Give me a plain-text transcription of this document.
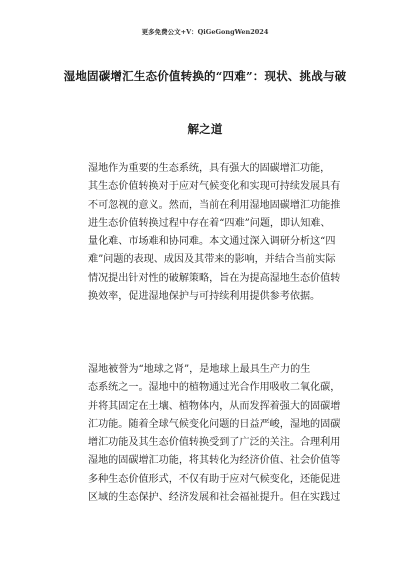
更多免费公文+V：QiGeGongWen2024
湿地固碳增汇生态价值转换的“四难”：现状、挑战与破
解之道
湿地作为重要的生态系统，具有强大的固碳增汇功能，
其生态价值转换对于应对气候变化和实现可持续发展具有
不可忽视的意义。然而，当前在利用湿地固碳增汇功能推
进生态价值转换过程中存在着“四难”问题，即认知难、
量化难、市场难和协同难。本文通过深入调研分析这“四
难”问题的表现、成因及其带来的影响，并结合当前实际
情况提出针对性的破解策略，旨在为提高湿地生态价值转
换效率，促进湿地保护与可持续利用提供参考依据。
湿地被誉为“地球之肾”，是地球上最具生产力的生
态系统之一。湿地中的植物通过光合作用吸收二氧化碳，
并将其固定在土壤、植物体内，从而发挥着强大的固碳增
汇功能。随着全球气候变化问题的日益严峻，湿地的固碳
增汇功能及其生态价值转换受到了广泛的关注。合理利用
湿地的固碳增汇功能，将其转化为经济价值、社会价值等
多种生态价值形式，不仅有助于应对气候变化，还能促进
区域的生态保护、经济发展和社会福祉提升。但在实践过
